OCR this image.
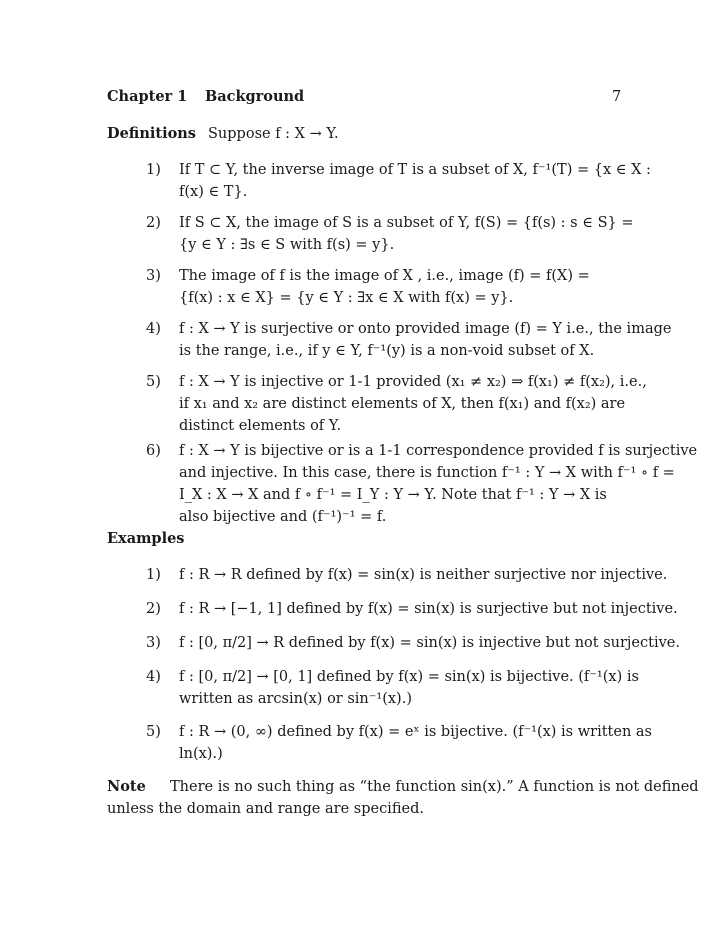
Chapter 1 Background	7
Definitions Suppose f : X → Y.
1) If T ⊂ Y, the inverse image of T is a subset of X, f⁻¹(T) = {x ∈ X :
f(x) ∈ T}.
2) If S ⊂ X, the image of S is a subset of Y, f(S) = {f(s) : s ∈ S} =
{y ∈ Y : ∃s ∈ S with f(s) = y}.
3) The image of f is the image of X , i.e., image (f) = f(X) =
{f(x) : x ∈ X} = {y ∈ Y : ∃x ∈ X with f(x) = y}.
4) f : X → Y is surjective or onto provided image (f) = Y i.e., the image
is the range, i.e., if y ∈ Y, f⁻¹(y) is a non-void subset of X.
5) f : X → Y is injective or 1-1 provided (x₁ ≠ x₂) ⇒ f(x₁) ≠ f(x₂), i.e.,
if x₁ and x₂ are distinct elements of X, then f(x₁) and f(x₂) are
distinct elements of Y.
6) f : X → Y is bijective or is a 1-1 correspondence provided f is surjective
and injective. In this case, there is function f⁻¹ : Y → X with f⁻¹ ∘ f =
I_X : X → X and f ∘ f⁻¹ = I_Y : Y → Y. Note that f⁻¹ : Y → X is
also bijective and (f⁻¹)⁻¹ = f.
Examples
1) f : R → R defined by f(x) = sin(x) is neither surjective nor injective.
2) f : R → [−1, 1] defined by f(x) = sin(x) is surjective but not injective.
3) f : [0, π/2] → R defined by f(x) = sin(x) is injective but not surjective.
4) f : [0, π/2] → [0, 1] defined by f(x) = sin(x) is bijective. (f⁻¹(x) is
written as arcsin(x) or sin⁻¹(x).)
5) f : R → (0, ∞) defined by f(x) = eˣ is bijective. (f⁻¹(x) is written as
ln(x).)
Note There is no such thing as “the function sin(x).” A function is not defined
unless the domain and range are specified.
